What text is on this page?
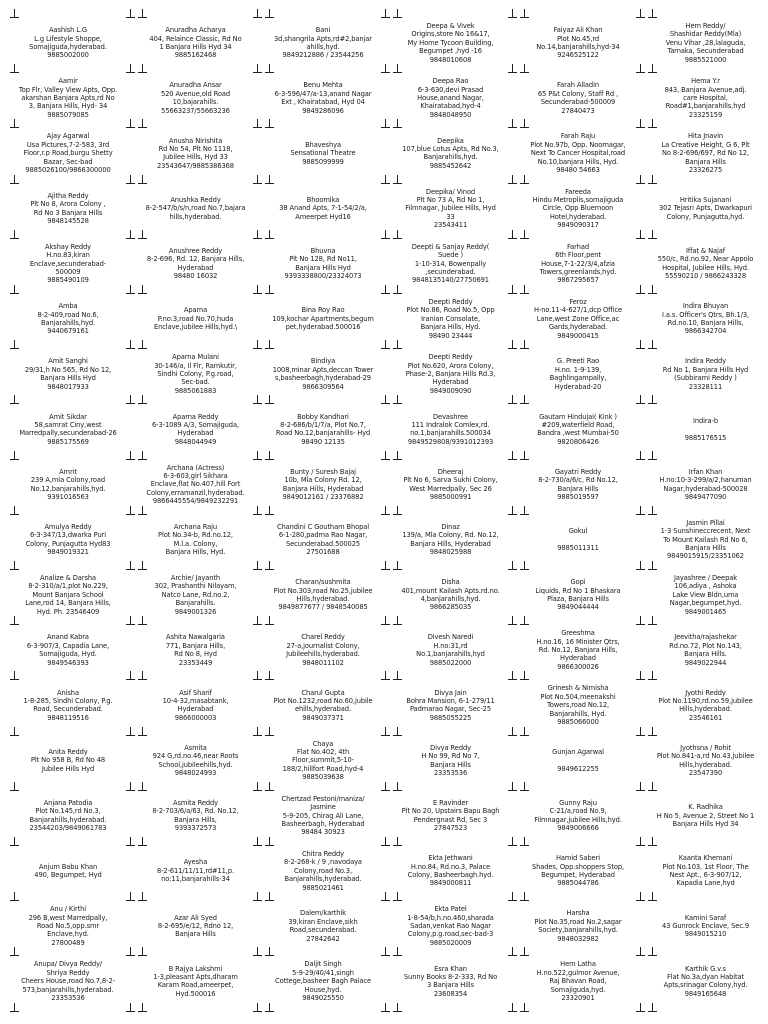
Aashish L.G
L.g Lifestyle Shoppe,
Somajiguda,hyderabad.
9885002000
Aamir
Top Flr, Valley View Apts, Opp.
akarshan Banjara Apts,rd No
3, Banjara Hills, Hyd- 34
9885079085
Ajay Agarwal
Usa Pictures,7-2-583, 3rd
Floor,r.p Road,burgu Shetty
Bazar, Sec-bad
9885026100/9866300000
Ajitha Reddy
Plt No 8, Arora Colony ,
Rd No 3 Banjara Hills
9848145528
Akshay Reddy
H.no.83,kiran
Enclave,secunderabad-
500009
9885490109
Amba
8-2-409,road No.6,
Banjarahills,hyd.
9440679161
Amit Sanghi
29/31,h No 565, Rd No 12,
Banjara Hills Hyd
9848017933
Amit Sikdar
58,samrat Ciny,west
Marredpally,secunderabad-26
9885175569
Amrit
239 A,mla Colony,road
No.12,banjarahills,hyd.
9391016563
Amulya Reddy
6-3-347/13,dwarka Puri
Colony, Punjagutta Hyd83
9849019321
Analize & Darsha
8-2-310/a/1,plot No.229,
Mount Banjara School
Lane,rod 14, Banjara Hills,
Hyd. Ph. 23546409
Anand Kabra
6-3-907/3, Capadia Lane,
Somajiguda, Hyd.
9849546393
Anisha
1-8-285, Sindhi Colony, P.g.
Road, Secunderabad.
9848119516
Anita Reddy
Plt No 958 B, Rd No 48
Jubilee Hills Hyd
Anjana Patodia
Plot No.145,rd No.3,
Banjarahills,hyderabad.
23544203/9849061783
Anjum Babu Khan
490, Begumpet, Hyd
Anu / Kirthi
296 B,west Marredpally,
Road No.5,opp.smr
Enclave,hyd.
27800489
Anupa/ Divya Reddy/
Shriya Reddy
Cheers House,road No.7,8-2-
573,banjarahills,hyderabad.
23353536
Anuradha Acharya
404, Relaince Classic, Rd No
1 Banjara Hills Hyd 34
9885162468
Anuradha Ansar
520 Avenue,old Road
10,bajarahills.
55663237/55663236
Anusha Nirishita
Rd No 54, Plt No 1118,
Jubilee Hills, Hyd 33
23543647/9885386368
Anushka Reddy
8-2-547/b/s/n,road No.7,bajara
hills,hyderabad.
Anushree Reddy
8-2-696, Rd. 12, Banjara Hills,
Hyderabad
98480 16032
Aparna
P.no:3,road No.70,huda
Enclave,jubilee Hills,hyd.\
Aparna Mulani
30-146/a, Il Flr, Ramkutir,
Sindhi Colony, P.g.road,
Sec-bad.
9885061883
Aparna Reddy
6-3-1089 A/3, Somajiguda,
Hyderabad
9848044949
Archana (Actress)
6-3-603,girl Sikhara
Enclave,flat No.407,hill Fort
Colony,erramanzil,hyderabad.
9866445554/9849232291
Archana Raju
Plot No.34-b, Rd.no.12,
M.l.a. Colony,
Banjara Hills, Hyd.
Archie/ Jayanth
302, Prashanthi Nilayam,
Natco Lane, Rd.no.2,
Banjarahills.
9849001326
Ashita Nawalgaria
771, Banjara Hills,
Rd No 8, Hyd
23353449
Asif Sharif
10-4-32,masabtank,
Hyderabad
9866000003
Asmita
924 G,rd.no.46,near Roots
School,jubileehills,hyd.
9848024993
Asmita Reddy
8-2-703/6/a/63, Rd. No.12,
Banjara Hills,
9393372573
Ayesha
8-2-611/11/11,rd#11,p.
no:11,banjarahills-34
Azar Ali Syed
8-2-695/e/12, Rdno 12,
Banjara Hills
B Rajya Lakshmi
1-3,pleasant Apts,dharam
Karam Road,ameerpet,
Hyd.500016
Bani
3d,shangrila Apts,rd#2,banjar
ahills,hyd.
9849212886 / 23544256
Benu Mehta
6-3-596/47/a-13,anand Nagar
Ext , Khairatabad, Hyd 04
9849286096
Bhaveshya
Sensational Theatre
9885099999
Bhoomika
38 Anand Apts, 7-1-54/2/a,
Ameerpet Hyd16
Bhuvna
Plt No 128, Rd No11,
Banjara Hills Hyd
9393338800/23324073
Bina Roy Rao
109,kochar Apartments,begum
pet,hyderabad.500016
Bindiya
1008,minar Apts,deccan Tower
s,basheerbagh,hyderabad-29
9866309564
Bobby Kandhari
8-2-686/b/1/7/a, Plot No.7,
Road No.12,banjarahills- Hyd
98490 12135
Bunty / Suresh Bajaj
10b, Mla Colony Rd. 12,
Banjara Hills, Hyderabad
9849012161 / 23376882
Chandini C Goutham Bhopal
6-1-280,padma Rao Nagar,
Secunderabad.500025
27501688
Charan/sushmita
Plot No.303,road No.25,jubilee
Hills,hyderabad.
9849877677 / 9848540085
Charel Reddy
27-a,journalist Colony,
Jubileehills,hyderabad.
9848011102
Charul Gupta
Plot No.1232,road No.60,jubile
ehills,hyderabad.
9849037371
Chaya
Flat No.402, 4th
Floor,summit,5-10-
188/2,hillfort Road,hyd-4
9885039638
Chertzad Pestoni/maniza/
Jasmine
5-9-205, Chirag Ali Lane,
Basheerbagh, Hyderabad
98484 30923
Chitra Reddy
8-2-268-k / 9 ,navodaya
Colony,road No.3,
Banjarahills,hyderabad.
9885021461
Dalem/karthik
39,kiran Enclave,sikh
Road,secunderabad.
27842642
Daljit Singh
5-9-29/40/41,singh
Cottege,basheer Bagh Palace
House,hyd.
9849025550
Deepa & Vivek
Origins,store No 16&17,
My Home Tycoon Building,
Begumpet ,hyd -16
9848010608
Deepa Rao
6-3-630,devi Prasad
House,anand Nagar,
Khairatabad,hyd-4
9848048950
Deepika
107,blue Lotus Apts, Rd No.3,
Banjarahills,hyd.
9885452642
Deepika/ Vinod
Plt No 73 A, Rd No 1,
Filmnagar, Jubilee Hills, Hyd
33
23543411
Deepti & Sanjay Reddy(
Suede )
1-10-314, Bowenpally
,secunderabad.
9848135140/27750691
Deepti Reddy
Plot No.86, Road No.5, Opp
Iranian Consolate,
Banjara Hills, Hyd.
98490 23444
Deepti Reddy
Plot No.620, Arora Colony,
Phase-2, Banjara Hills Rd.3,
Hyderabad
9849009090
Devashree
111 Indralok Comlex,rd.
no.1,banjarahills.500034
9849529808/9391012393
Dheeraj
Plt No 6, Sarva Sukhi Colony,
West Marredpally, Sec 26
9885000991
Dinaz
139/a, Mla Colony, Rd. No.12,
Banjara Hills, Hyderabad
9848025988
Disha
401,mount Kailash Apts.rd.no.
4,banjarahills,hyd.
9866285035
Divesh Naredi
H.no:31,rd
No.1,banjarahills,hyd
9885022000
Divya Jain
Bohra Mansion, 6-1-279/11
Padmarao Nagar, Sec-25
9885055225
Divya Reddy
H No 99, Rd No 7,
Banjara Hills
23353536
E Ravinder
Plt No 20, Upstairs Bapu Bagh
Pendergnast Rd, Sec 3
27847523
Ekta Jethwani
H.no.84, Rd.no.3, Palace
Colony, Basheerbagh.hyd.
9849000811
Ekta Patel
1-8-54/b,h.no.460,sharada
Sadan,venkat Rao Nagar
Colony,p.g.road,sec-bad-3
9885020009
Esra Khan
Sunny Books 8-2-333, Rd No
3 Banjara Hills
23608354
Faiyaz Ali Khan
Plot No.45,rd
No.14,banjarahills,hyd-34
9246525122
Farah Alladin
65 P&t Colony, Staff Rd ,
Secunderabad-500009
27840473
Farah Raju
Plot No.97b, Opp. Noornagar,
Next To Cancer Hospital,road
No.10,banjara Hills, Hyd.
98480 54663
Fareeda
Hindu Metroplis,somajiguda
Circle, Opp Bluemoon
Hotel,hyderabad.
9849090317
Farhad
6th Floor,pent
House,7-1-22/3/4,afzia
Towers,greenlands,hyd.
9867295657
Feroz
H-no.11-4-627/1,dcp Office
Lane,west Zone Office,ac
Gards,hyderabad.
9849000415
G. Preeti Rao
H.no. 1-9-139,
Baghlingampally,
Hyderabad-20
Gautam Hindujai( Kink )
#209,waterfield Road,
Bandra ,west Mumbai-50
9820806426
Gayatri Reddy
8-2-730/a/6/c, Rd No.12,
Banjara Hills
9885019597
Gokul

9885011311
Gopi
Liquids, Rd No 1 Bhaskara
Plaza, Banjara Hills
9849044444
Greeshma
H.no.16, 16 Minister Qtrs,
Rd. No.12, Banjara Hills,
Hyderabad
9866300026
Grinesh & Nimisha
Plot No.504,meenakshi
Towers,road No.12,
Banjarahills, Hyd.
9885066000
Gunjan Agarwal

9849612255
Gunny Raju
C-21/a,road No.9,
Filmnagar,jubilee Hills,hyd.
9849006666
Hamid Saberi
Shades, Opp.shoppers Stop,
Begumpet, Hyderabad
9885044786
Harsha
Plot No.35,road No.2,sagar
Society,banjarahills,hyd.
9848032982
Hem Latha
H.no.522,gulmor Avenue,
Raj Bhavan Road,
Somajiguda,hyd.
23320901
Hem Reddy/
Shashidar Reddy(Mla)
Venu Vihar ,28,lalaguda,
Tarnaka, Secunderabad
9885521000
Hema Y.r
843, Banjara Avenue,adj.
care Hospital,
Road#1,banjarahills,hyd
23325159
Hita Jnavin
La Creative Height, G 6, Plt
No 8-2-696/697, Rd No 12,
Banjara Hills
23326275
Hritika Sujanani
302 Tejasri Apts, Dwarkapuri
Colony, Punjagutta,hyd.
Iffat & Najaf
550/c, Rd.no.92, Near Appolo
Hospital, Jubilee Hills, Hyd.
55590210 / 9866243328
Indira Bhuyan
I.a.s. Officer's Qtrs, Bh.1/3,
Rd.no.10, Banjara Hills,
9866342704
Indira Reddy
Rd No 1, Banjara Hills Hyd
(Subbirami Reddy )
23328111
Indira-b

9885176515
Irfan Khan
H.no:10-3-299/a/2,hanuman
Nagar,hyderabad-500028
9849477090
Jasmin Pillai
1-3 Sunshineccrecent, Next
To Mount Kailash Rd No 6,
Banjara Hills
9849015915/23351062
Jayashree / Deepak
106,adiya , Ashoka
Lake View Bldn,uma
Nagar,begumpet,hyd.
9849001465
Jeevitha/rajashekar
Rd.no.72, Plot No.143,
Banjara Hills.
9849022944
Jyothi Reddy
Plot No.1190,rd.no.59,jubilee
Hills,hyderabad.
23546161
Jyothsna / Rohit
Plot No.841-a,rd No.43,jubilee
Hills,hyderabad.
23547390
K. Radhika
H No 5, Avenue 2, Street No 1
Banjara Hills Hyd 34
Kaanta Khemani
Plot No.103, 1st Floor, The
Nest Apt., 6-3-907/12,
Kapadia Lane,hyd
Kamini Saraf
43 Gunrock Enclave, Sec.9
9849015210
Karthik G.v.s
Flat No.3a,dyan Habitat
Apts,srinagar Colony,hyd.
9849165648
